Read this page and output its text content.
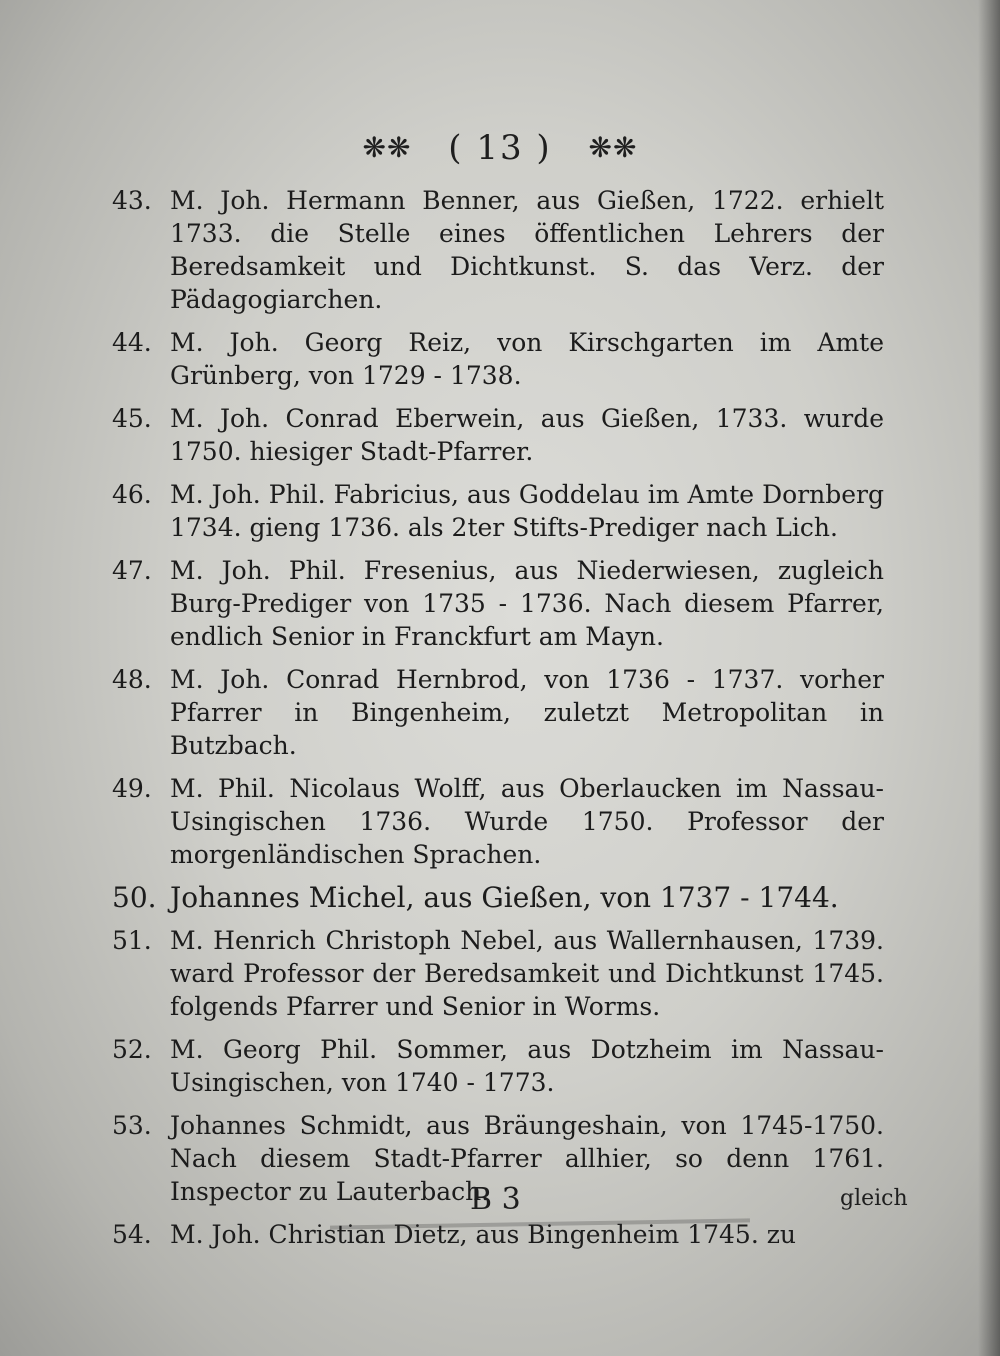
❋❋ ( 13 ) ❋❋
43. M. Joh. Hermann Benner, aus Gießen, 1722. erhielt 1733. die Stelle eines öffentlichen Lehrers der Beredsamkeit und Dichtkunst. S. das Verz. der Pädagogiarchen.
44. M. Joh. Georg Reiz, von Kirschgarten im Amte Grünberg, von 1729 - 1738.
45. M. Joh. Conrad Eberwein, aus Gießen, 1733. wurde 1750. hiesiger Stadt-Pfarrer.
46. M. Joh. Phil. Fabricius, aus Goddelau im Amte Dornberg 1734. gieng 1736. als 2ter Stifts-Prediger nach Lich.
47. M. Joh. Phil. Fresenius, aus Niederwiesen, zugleich Burg-Prediger von 1735 - 1736. Nach diesem Pfarrer, endlich Senior in Franckfurt am Mayn.
48. M. Joh. Conrad Hernbrod, von 1736 - 1737. vorher Pfarrer in Bingenheim, zuletzt Metropolitan in Butzbach.
49. M. Phil. Nicolaus Wolff, aus Oberlaucken im Nassau-Usingischen 1736. Wurde 1750. Professor der morgenländischen Sprachen.
50. Johannes Michel, aus Gießen, von 1737 - 1744.
51. M. Henrich Christoph Nebel, aus Wallernhausen, 1739. ward Professor der Beredsamkeit und Dichtkunst 1745. folgends Pfarrer und Senior in Worms.
52. M. Georg Phil. Sommer, aus Dotzheim im Nassau-Usingischen, von 1740 - 1773.
53. Johannes Schmidt, aus Bräungeshain, von 1745-1750. Nach diesem Stadt-Pfarrer allhier, so denn 1761. Inspector zu Lauterbach.
54. M. Joh. Christian Dietz, aus Bingenheim 1745. zu
B 3	gleich
